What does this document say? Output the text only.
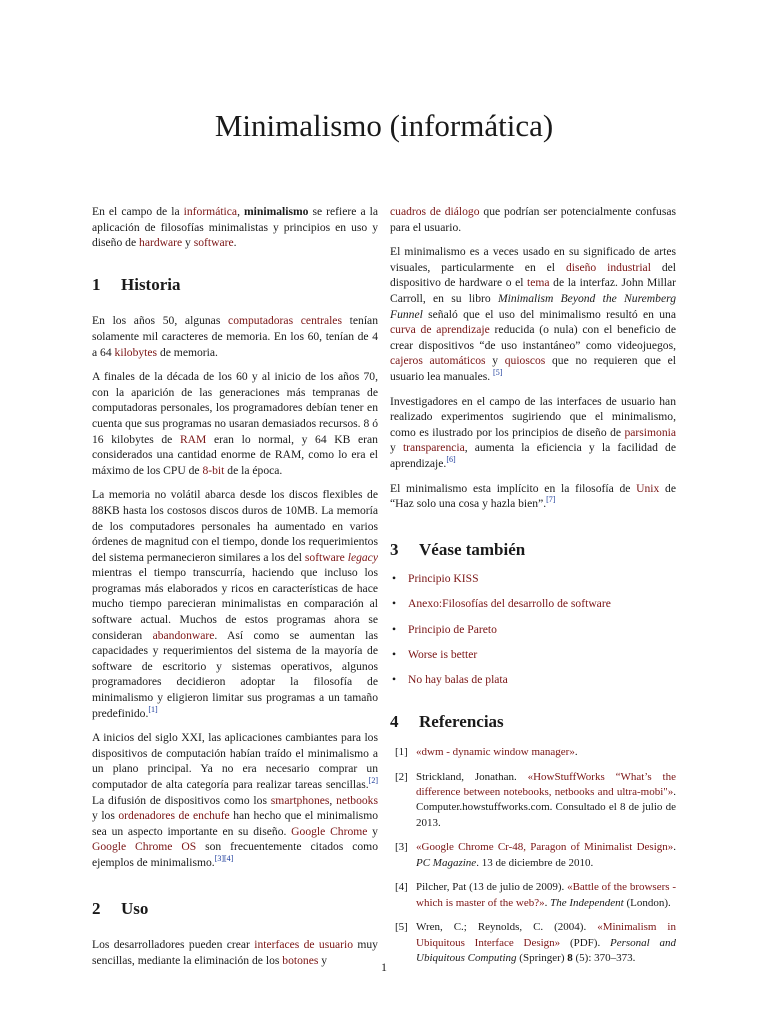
Minimalismo (informática)

En el campo de la informática, minimalismo se refiere a la aplicación de filosofías minimalistas y principios en uso y diseño de hardware y software.

1	Historia

En los años 50, algunas computadoras centrales tenían solamente mil caracteres de memoria. En los 60, tenían de 4 a 64 kilobytes de memoria.

A finales de la década de los 60 y al inicio de los años 70, con la aparición de las generaciones más tempranas de computadoras personales, los programadores debían tener en cuenta que sus programas no usaran demasiados recursos. 8 ó 16 kilobytes de RAM eran lo normal, y 64 KB eran considerados una cantidad enorme de RAM, como lo era el máximo de los CPU de 8-bit de la época.

La memoria no volátil abarca desde los discos flexibles de 88KB hasta los costosos discos duros de 10MB. La memoría de los computadores personales ha aumentado en varios órdenes de magnitud con el tiempo, donde los requerimientos del sistema permanecieron similares a los del software legacy mientras el tiempo transcurría, haciendo que incluso los programas más elaborados y ricos en características de hace mucho tiempo parecieran minimalistas en comparación al software actual. Muchos de estos programas ahora se consideran abandonware. Así como se aumentan las capacidades y requerimientos del sistema de la mayoría de software de escritorio y sistemas operativos, algunos programadores decidieron adoptar la filosofía de minimalismo y eligieron limitar sus programas a un tamaño predefinido.[1]

A inicios del siglo XXI, las aplicaciones cambiantes para los dispositivos de computación habían traído el minimalismo a un plano principal. Ya no era necesario comprar un computador de alta categoría para realizar tareas sencillas.[2] La difusión de dispositivos como los smartphones, netbooks y los ordenadores de enchufe han hecho que el minimalismo sea un aspecto importante en su diseño. Google Chrome y Google Chrome OS son frecuentemente citados como ejemplos de minimalismo.[3][4]

2	Uso

Los desarrolladores pueden crear interfaces de usuario muy sencillas, mediante la eliminación de los botones y

cuadros de diálogo que podrían ser potencialmente confusas para el usuario.

El minimalismo es a veces usado en su significado de artes visuales, particularmente en el diseño industrial del dispositivo de hardware o el tema de la interfaz. John Millar Carroll, en su libro Minimalism Beyond the Nuremberg Funnel señaló que el uso del minimalismo resultó en una curva de aprendizaje reducida (o nula) con el beneficio de crear dispositivos “de uso instantáneo” como videojuegos, cajeros automáticos y quioscos que no requieren que el usuario lea manuales. [5]

Investigadores en el campo de las interfaces de usuario han realizado experimentos sugiriendo que el minimalismo, como es ilustrado por los principios de diseño de parsimonia y transparencia, aumenta la eficiencia y la facilidad de aprendizaje.[6]

El minimalismo esta implícito en la filosofía de Unix de “Haz solo una cosa y hazla bien”.[7]

3	Véase también
• Principio KISS
• Anexo:Filosofías del desarrollo de software
• Principio de Pareto
• Worse is better
• No hay balas de plata
4	Referencias
[1] «dwm - dynamic window manager».
[2] Strickland, Jonathan. «HowStuffWorks “What’s the difference between notebooks, netbooks and ultra-mobi"». Computer.howstuffworks.com. Consultado el 8 de julio de 2013.
[3] «Google Chrome Cr-48, Paragon of Minimalist Design». PC Magazine. 13 de diciembre de 2010.
[4] Pilcher, Pat (13 de julio de 2009). «Battle of the browsers - which is master of the web?». The Independent (London).
[5] Wren, C.; Reynolds, C. (2004). «Minimalism in Ubiquitous Interface Design» (PDF). Personal and Ubiquitous Computing (Springer) 8 (5): 370–373.
1
